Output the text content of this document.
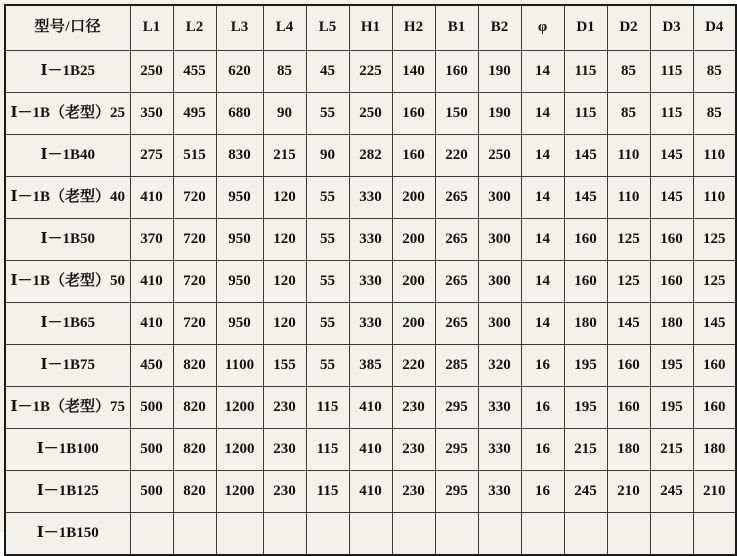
型号/口径	L1	L2	L3	L4	L5	H1	H2	B1	B2	φ	D1	D2	D3	D4
Ⅰ－1B25	250	455	620	85	45	225	140	160	190	14	115	85	115	85
Ⅰ－1B（老型）25	350	495	680	90	55	250	160	150	190	14	115	85	115	85
Ⅰ－1B40	275	515	830	215	90	282	160	220	250	14	145	110	145	110
Ⅰ－1B（老型）40	410	720	950	120	55	330	200	265	300	14	145	110	145	110
Ⅰ－1B50	370	720	950	120	55	330	200	265	300	14	160	125	160	125
Ⅰ－1B（老型）50	410	720	950	120	55	330	200	265	300	14	160	125	160	125
Ⅰ－1B65	410	720	950	120	55	330	200	265	300	14	180	145	180	145
Ⅰ－1B75	450	820	1100	155	55	385	220	285	320	16	195	160	195	160
Ⅰ－1B（老型）75	500	820	1200	230	115	410	230	295	330	16	195	160	195	160
Ⅰ－1B100	500	820	1200	230	115	410	230	295	330	16	215	180	215	180
Ⅰ－1B125	500	820	1200	230	115	410	230	295	330	16	245	210	245	210
Ⅰ－1B150														
